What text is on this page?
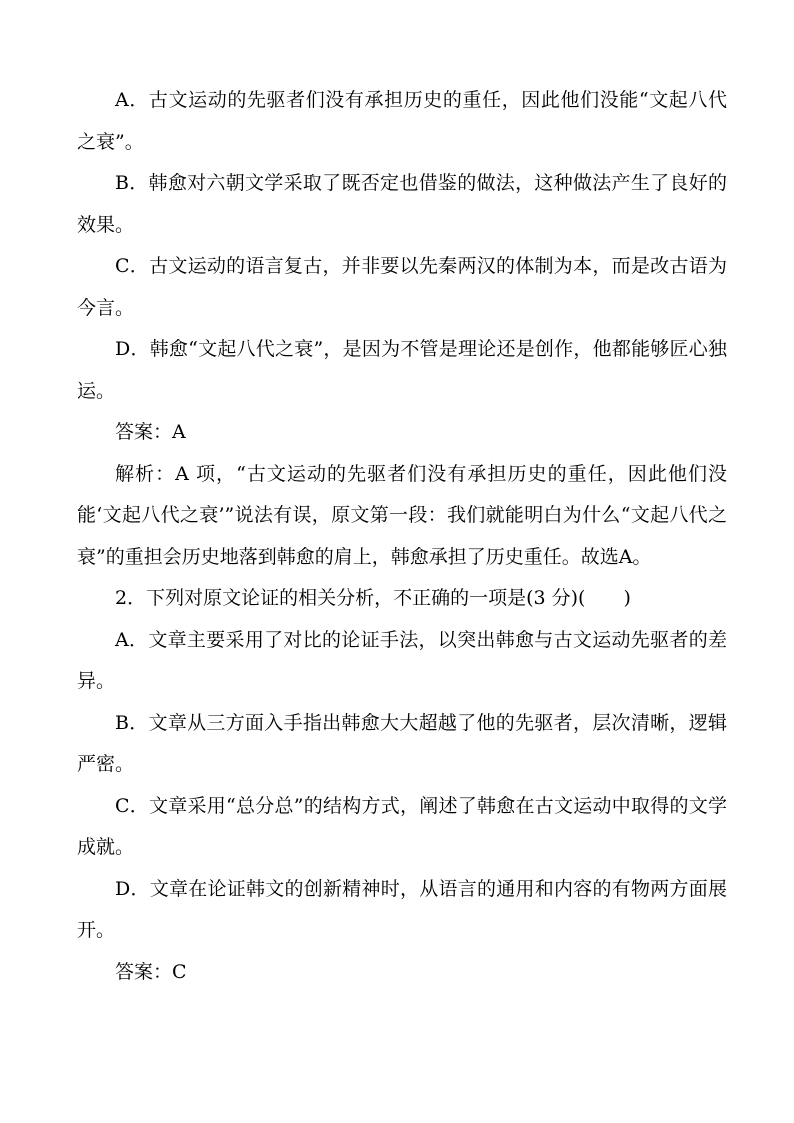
A．古文运动的先驱者们没有承担历史的重任，因此他们没能“文起八代之衰”。

B．韩愈对六朝文学采取了既否定也借鉴的做法，这种做法产生了良好的效果。

C．古文运动的语言复古，并非要以先秦两汉的体制为本，而是改古语为今言。

D．韩愈“文起八代之衰”，是因为不管是理论还是创作，他都能够匠心独运。

答案：A

解析：A 项，“古文运动的先驱者们没有承担历史的重任，因此他们没能‘文起八代之衰’”说法有误，原文第一段：我们就能明白为什么“文起八代之衰”的重担会历史地落到韩愈的肩上，韩愈承担了历史重任。故选A。

2．下列对原文论证的相关分析，不正确的一项是(3 分)(　　)

A．文章主要采用了对比的论证手法，以突出韩愈与古文运动先驱者的差异。

B．文章从三方面入手指出韩愈大大超越了他的先驱者，层次清晰，逻辑严密。

C．文章采用“总分总”的结构方式，阐述了韩愈在古文运动中取得的文学成就。

D．文章在论证韩文的创新精神时，从语言的通用和内容的有物两方面展开。

答案：C
